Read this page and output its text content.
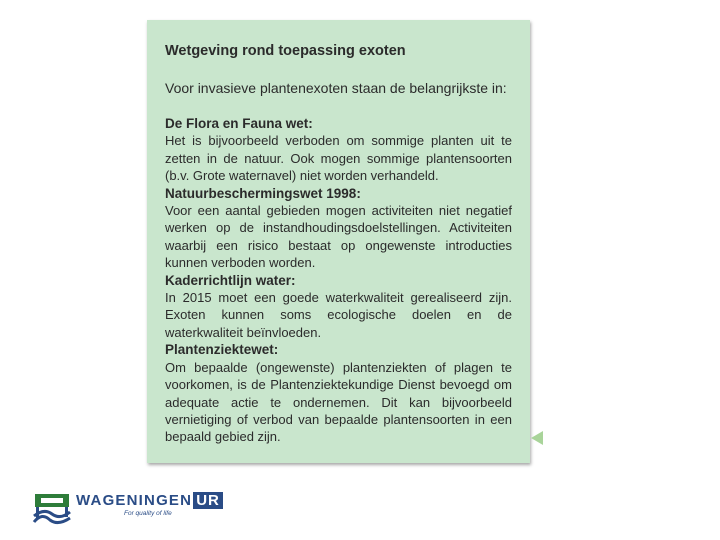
Wetgeving rond toepassing exoten

Voor invasieve plantenexoten staan de belangrijkste in:

De Flora en Fauna wet:

Het is bijvoorbeeld verboden om sommige planten uit te zetten in de natuur. Ook mogen sommige plantensoorten (b.v. Grote waternavel) niet worden verhandeld.

Natuurbeschermingswet 1998:

Voor een aantal gebieden mogen activiteiten niet negatief werken op de instandhoudingsdoelstellingen. Activiteiten waarbij een risico bestaat op ongewenste introducties kunnen verboden worden.

Kaderrichtlijn water:

In 2015 moet een goede waterkwaliteit gerealiseerd zijn. Exoten kunnen soms ecologische doelen en de waterkwaliteit beïnvloeden.

Plantenziektewet:

Om bepaalde (ongewenste) plantenziekten of plagen te voorkomen, is de Plantenziektekundige Dienst bevoegd om adequate actie te ondernemen. Dit kan bijvoorbeeld vernietiging of verbod van bepaalde plantensoorten in een bepaald gebied zijn.

WAGENINGEN UR
For quality of life
